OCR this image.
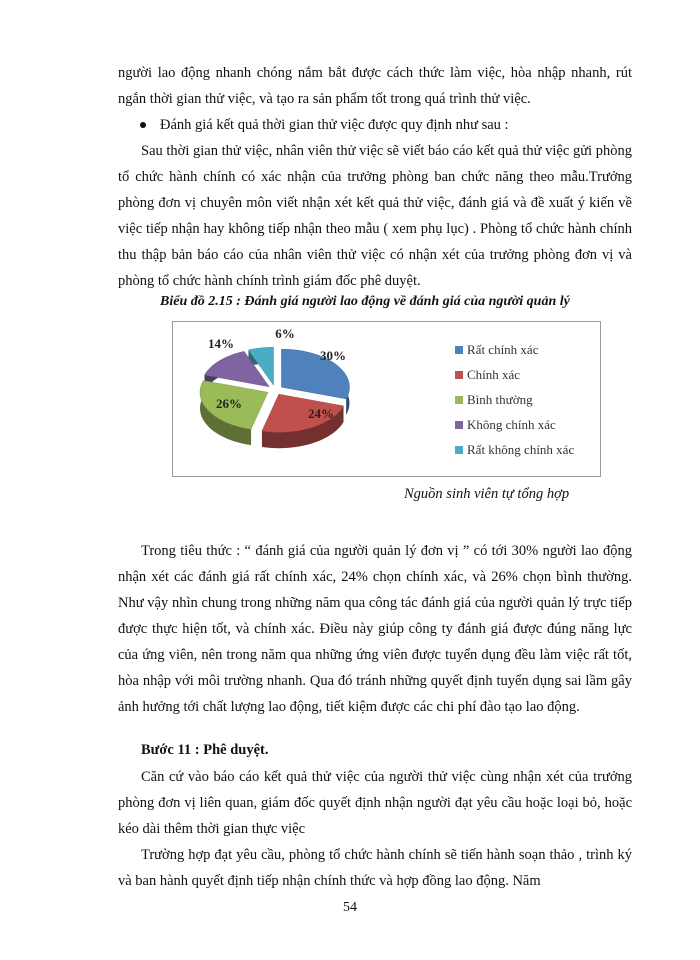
người lao động nhanh chóng nắm bắt được cách thức làm việc, hòa nhập nhanh, rút ngắn thời gian thử việc, và tạo ra sản phẩm tốt trong quá trình thử việc.

Đánh giá kết quả thời gian thử việc được quy định như sau :

Sau thời gian thử việc, nhân viên thử việc sẽ viết báo cáo kết quả thử việc gửi phòng tổ chức hành chính có xác nhận của trưởng phòng ban chức năng theo mẫu.Trưởng phòng đơn vị chuyên môn viết nhận xét kết quả thử việc, đánh giá và đề xuất ý kiến về việc tiếp nhận hay không tiếp nhận theo mẫu ( xem phụ lục) . Phòng tổ chức hành chính thu thập bản báo cáo của nhân viên thử việc có nhận xét của trưởng phòng đơn vị và phòng tổ chức hành chính trình giám đốc phê duyệt.

Biểu đồ 2.15 : Đánh giá người lao động về đánh giá của người quản lý
30%
24%
26%
14%
6%
Rất chính xác
Chính xác
Bình thường
Không chính xác
Rất không chính xác
Nguồn sinh viên tự tổng hợp

Trong tiêu thức : “ đánh giá của người quản lý đơn vị ” có tới 30% người lao động nhận xét các đánh giá rất chính xác, 24% chọn chính xác, và 26% chọn bình thường. Như vậy nhìn chung trong những năm qua công tác đánh giá của người quản lý trực tiếp được thực hiện tốt, và chính xác. Điều này giúp công ty đánh giá được đúng năng lực của ứng viên, nên trong năm qua những ứng viên được tuyển dụng đều làm việc rất tốt, hòa nhập với môi trường nhanh. Qua đó tránh những quyết định tuyển dụng sai lầm gây ảnh hưởng tới chất lượng lao động, tiết kiệm được các chi phí đào tạo lao động.

Bước 11 : Phê duyệt.

Căn cứ vào báo cáo kết quả thử việc của người thử việc cùng nhận xét của trưởng phòng đơn vị liên quan, giám đốc quyết định nhận người đạt yêu cầu hoặc loại bỏ, hoặc kéo dài thêm thời gian thực việc

Trường hợp đạt yêu cầu, phòng tổ chức hành chính sẽ tiến hành soạn thảo , trình ký và ban hành quyết định tiếp nhận chính thức và hợp đồng lao động. Năm

54
